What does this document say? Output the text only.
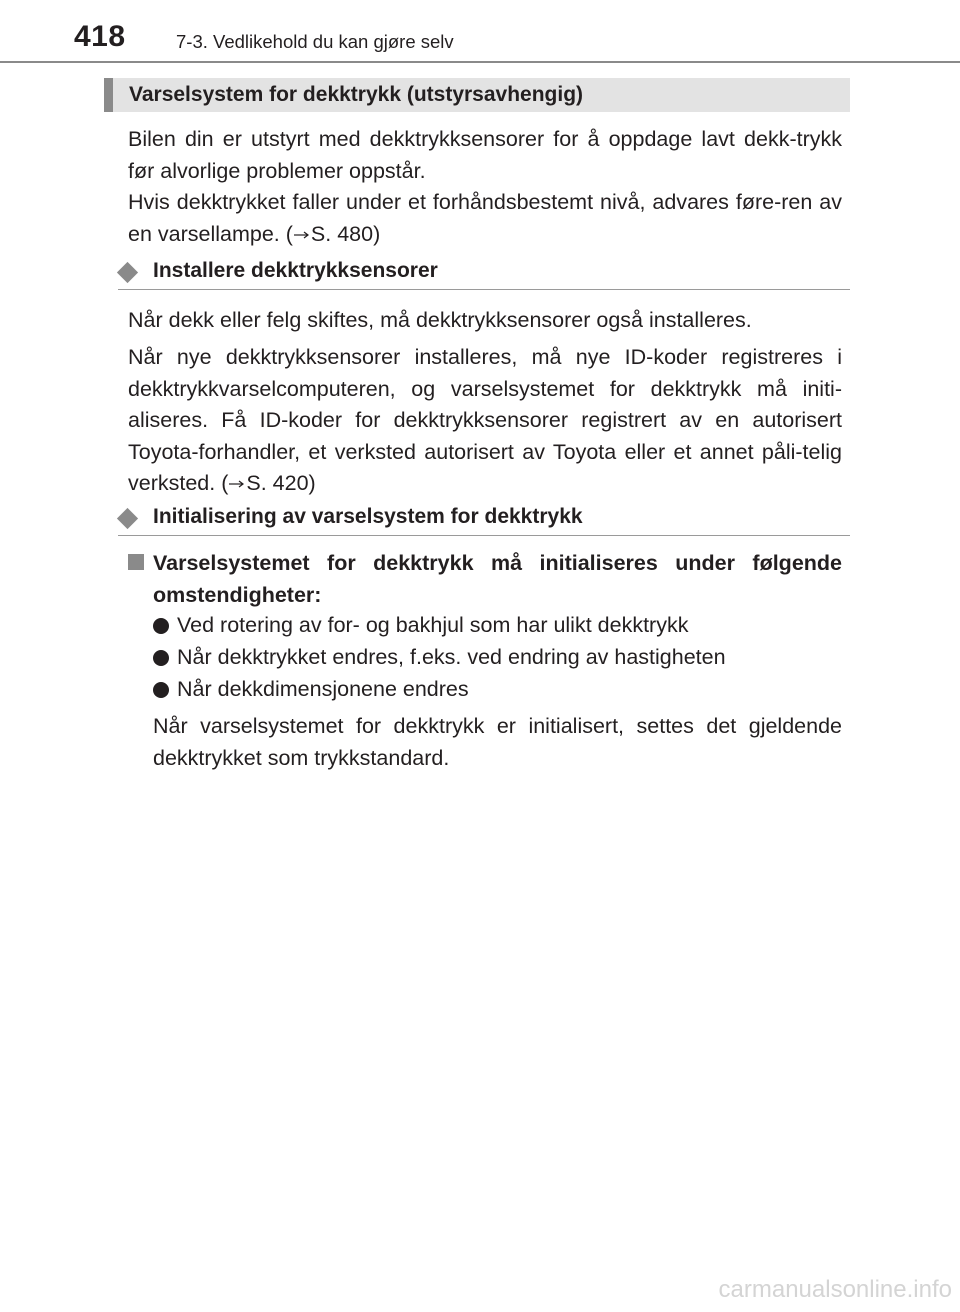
418	7-3. Vedlikehold du kan gjøre selv
Varselsystem for dekktrykk (utstyrsavhengig)
Bilen din er utstyrt med dekktrykksensorer for å oppdage lavt dekk-trykk før alvorlige problemer oppstår.
Hvis dekktrykket faller under et forhåndsbestemt nivå, advares føre-ren av en varsellampe. ( S. 480)
Installere dekktrykksensorer
Når dekk eller felg skiftes, må dekktrykksensorer også installeres.
Når nye dekktrykksensorer installeres, må nye ID-koder registreres i dekktrykkvarselcomputeren, og varselsystemet for dekktrykk må initi-aliseres. Få ID-koder for dekktrykksensorer registrert av en autorisert Toyota-forhandler, et verksted autorisert av Toyota eller et annet påli-telig verksted. ( S. 420)
Initialisering av varselsystem for dekktrykk
Varselsystemet for dekktrykk må initialiseres under følgende omstendigheter:
Ved rotering av for- og bakhjul som har ulikt dekktrykk
Når dekktrykket endres, f.eks. ved endring av hastigheten
Når dekkdimensjonene endres
Når varselsystemet for dekktrykk er initialisert, settes det gjeldende dekktrykket som trykkstandard.
carmanualsonline.info
